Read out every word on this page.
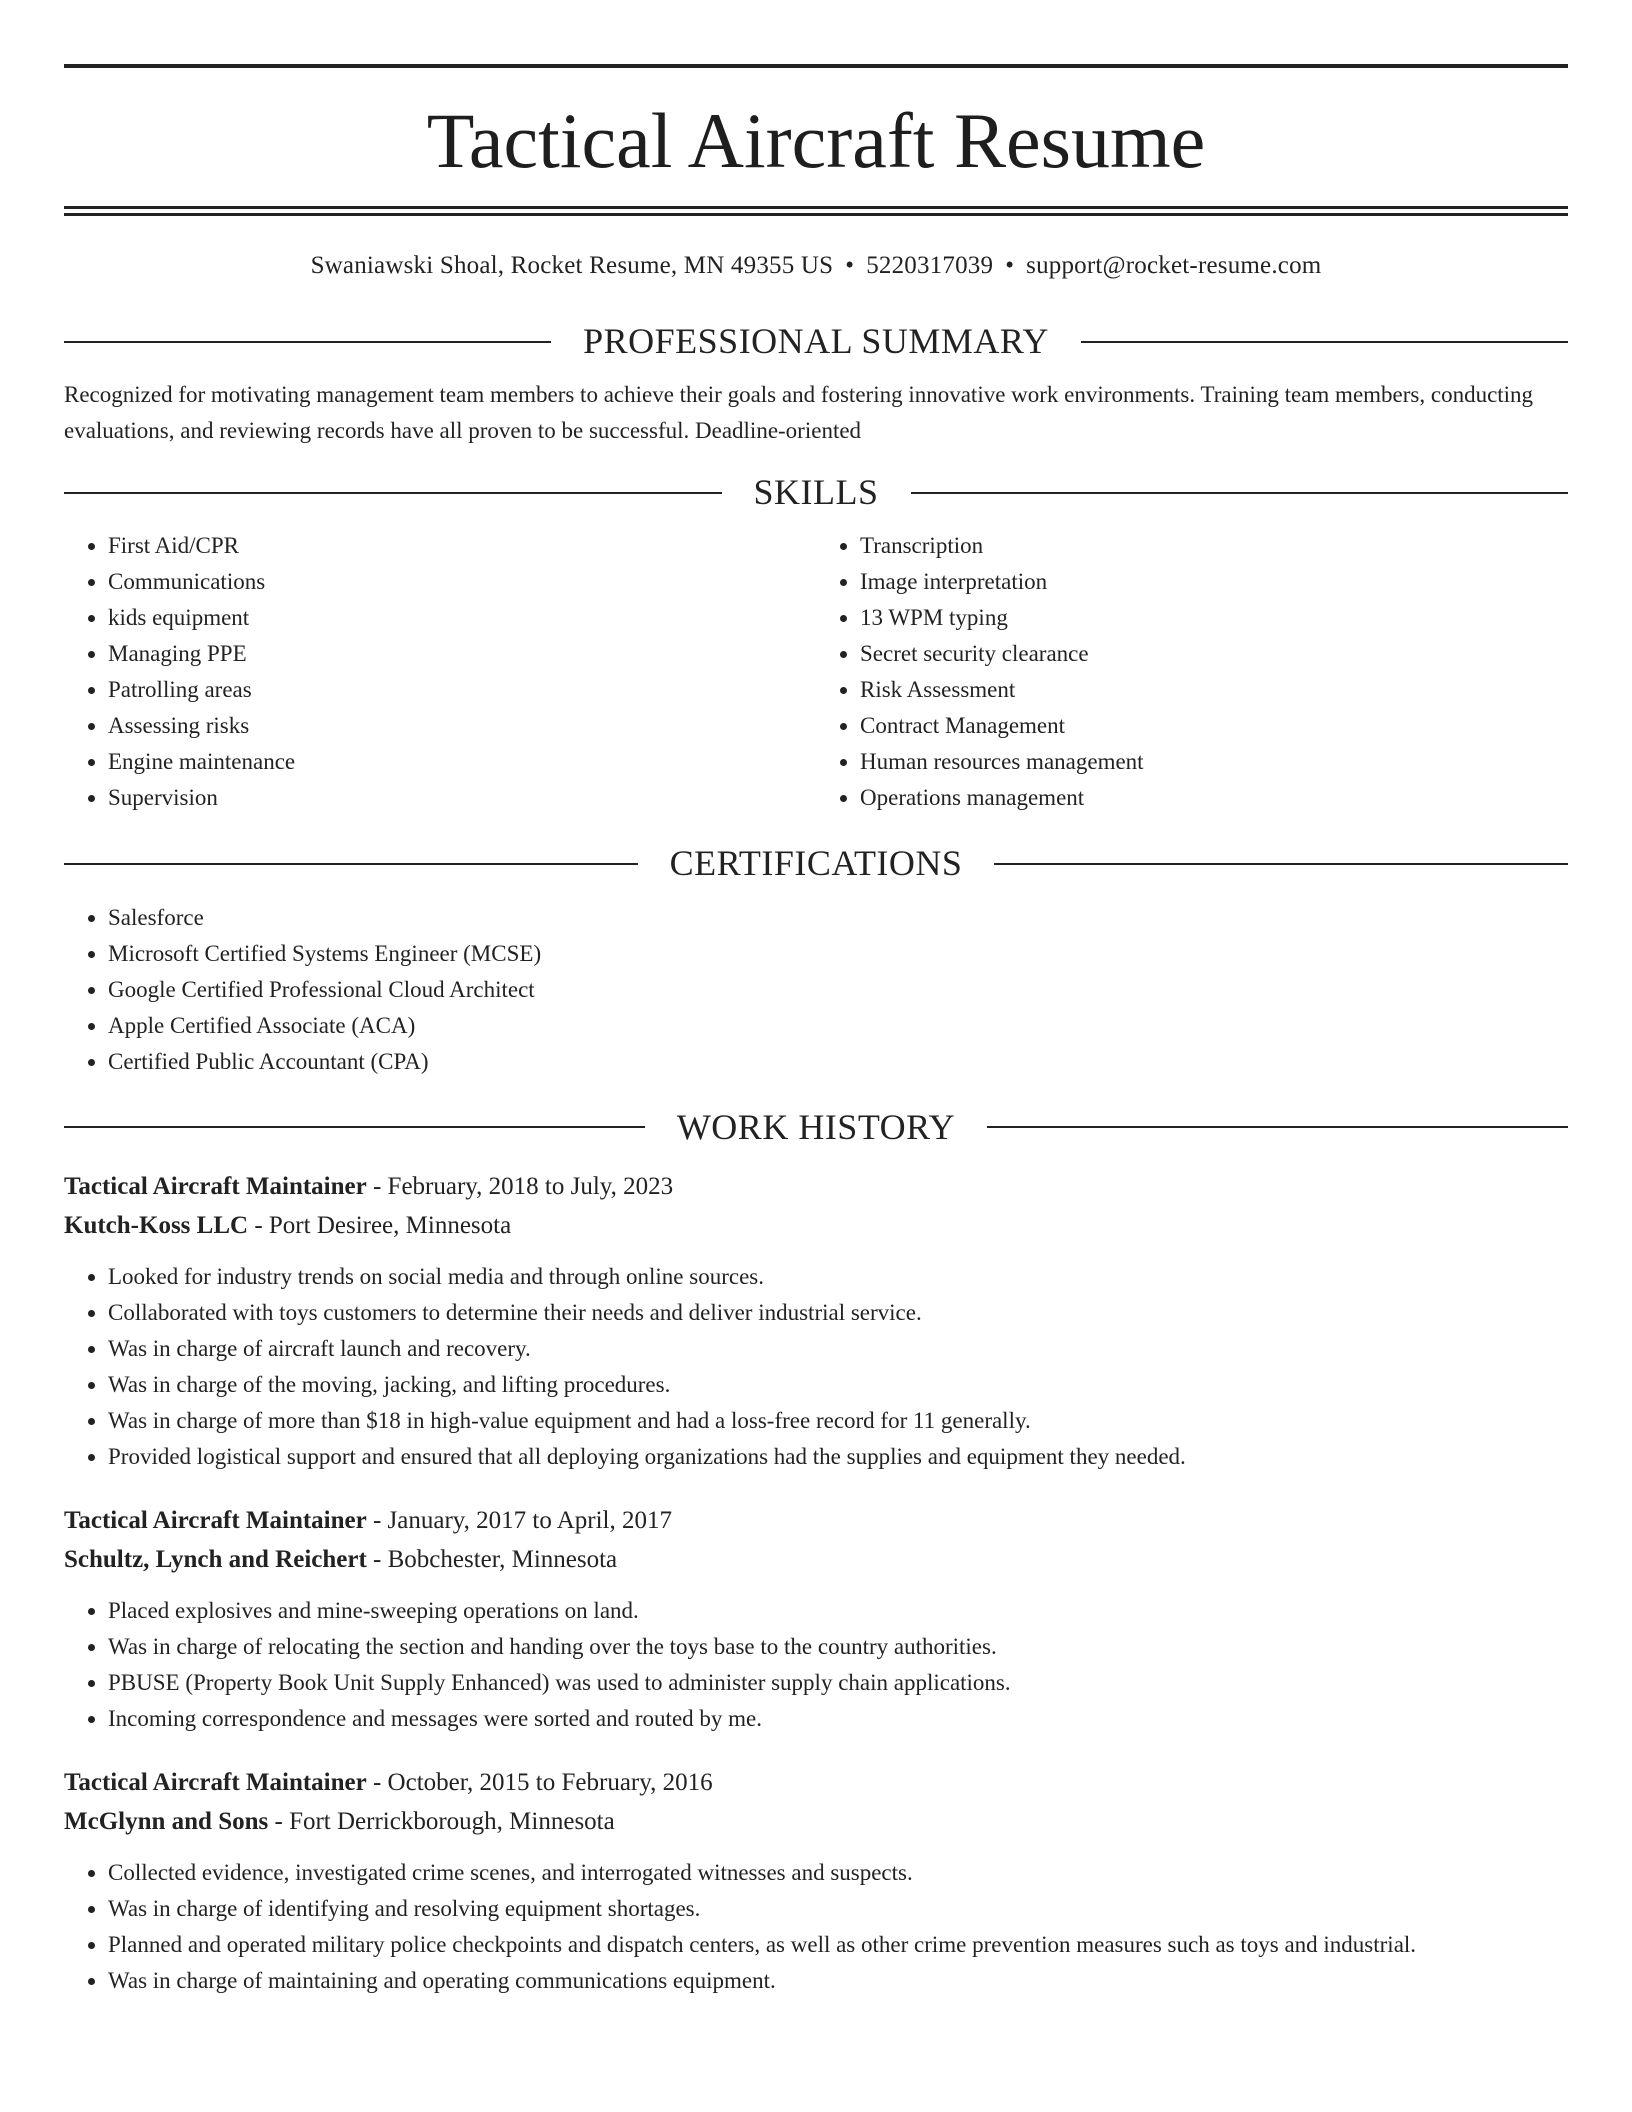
Tactical Aircraft Resume
Swaniawski Shoal, Rocket Resume, MN 49355 US • 5220317039 • support@rocket-resume.com
PROFESSIONAL SUMMARY

Recognized for motivating management team members to achieve their goals and fostering innovative work environments. Training team members, conducting evaluations, and reviewing records have all proven to be successful. Deadline-oriented

SKILLS
• First Aid/CPR
• Communications
• kids equipment
• Managing PPE
• Patrolling areas
• Assessing risks
• Engine maintenance
• Supervision
• Transcription
• Image interpretation
• 13 WPM typing
• Secret security clearance
• Risk Assessment
• Contract Management
• Human resources management
• Operations management
CERTIFICATIONS
• Salesforce
• Microsoft Certified Systems Engineer (MCSE)
• Google Certified Professional Cloud Architect
• Apple Certified Associate (ACA)
• Certified Public Accountant (CPA)
WORK HISTORY
Tactical Aircraft Maintainer - February, 2018 to July, 2023
Kutch-Koss LLC - Port Desiree, Minnesota
• Looked for industry trends on social media and through online sources.
• Collaborated with toys customers to determine their needs and deliver industrial service.
• Was in charge of aircraft launch and recovery.
• Was in charge of the moving, jacking, and lifting procedures.
• Was in charge of more than $18 in high-value equipment and had a loss-free record for 11 generally.
• Provided logistical support and ensured that all deploying organizations had the supplies and equipment they needed.
Tactical Aircraft Maintainer - January, 2017 to April, 2017
Schultz, Lynch and Reichert - Bobchester, Minnesota
• Placed explosives and mine-sweeping operations on land.
• Was in charge of relocating the section and handing over the toys base to the country authorities.
• PBUSE (Property Book Unit Supply Enhanced) was used to administer supply chain applications.
• Incoming correspondence and messages were sorted and routed by me.
Tactical Aircraft Maintainer - October, 2015 to February, 2016
McGlynn and Sons - Fort Derrickborough, Minnesota
• Collected evidence, investigated crime scenes, and interrogated witnesses and suspects.
• Was in charge of identifying and resolving equipment shortages.
• Planned and operated military police checkpoints and dispatch centers, as well as other crime prevention measures such as toys and industrial.
• Was in charge of maintaining and operating communications equipment.
